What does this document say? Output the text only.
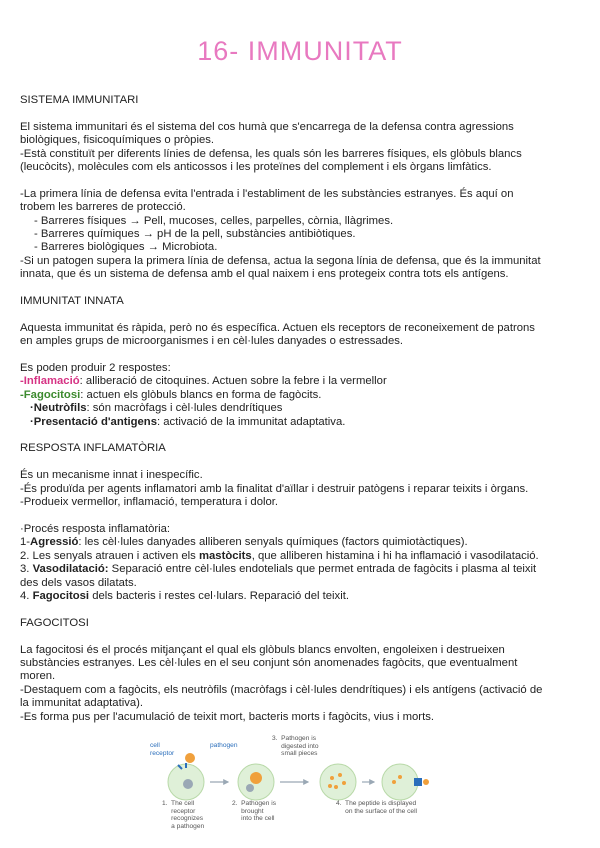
16- IMMUNITAT
SISTEMA IMMUNITARI
El sistema immunitari és el sistema del cos humà que s'encarrega de la defensa contra agressions
biològiques, fisicoquímiques o pròpies.
-Està constituït per diferents línies de defensa, les quals són les barreres físiques, els glòbuls blancs
(leucòcits), molècules com els anticossos i les proteïnes del complement i els òrgans limfàtics.
-La primera línia de defensa evita l'entrada i l'establiment de les substàncies estranyes. És aquí on
trobem les barreres de protecció.
- Barreres físiques → Pell, mucoses, celles, parpelles, còrnia, llàgrimes.
- Barreres químiques → pH de la pell, substàncies antibiòtiques.
- Barreres biològiques → Microbiota.
-Si un patogen supera la primera línia de defensa, actua la segona línia de defensa, que és la immunitat
innata, que és un sistema de defensa amb el qual naixem i ens protegeix contra tots els antígens.
IMMUNITAT INNATA
Aquesta immunitat és ràpida, però no és específica. Actuen els receptors de reconeixement de patrons
en amples grups de microorganismes i en cèl·lules danyades o estressades.
Es poden produir 2 respostes:
-Inflamació: alliberació de citoquines. Actuen sobre la febre i la vermellor
-Fagocitosi: actuen els glòbuls blancs en forma de fagòcits.
·Neutròfils: són macròfags i cèl·lules dendrítiques
·Presentació d'antigens: activació de la immunitat adaptativa.
RESPOSTA INFLAMATÒRIA
És un mecanisme innat i inespecífic.
-És produïda per agents inflamatori amb la finalitat d'aïllar i destruir patògens i reparar teixits i òrgans.
-Produeix vermellor, inflamació, temperatura i dolor.
·Procés resposta inflamatòria:
1-Agressió: les cèl·lules danyades alliberen senyals químiques (factors quimiotàctiques).
2. Les senyals atrauen i activen els mastòcits, que alliberen histamina i hi ha inflamació i vasodilatació.
3. Vasodilatació: Separació entre cèl·lules endotelials que permet entrada de fagòcits i plasma al teixit
des dels vasos dilatats.
4. Fagocitosi dels bacteris i restes cel·lulars. Reparació del teixit.
FAGOCITOSI
La fagocitosi és el procés mitjançant el qual els glòbuls blancs envolten, engoleixen i destrueixen
substàncies estranyes. Les cèl·lules en el seu conjunt són anomenades fagòcits, que eventualment
moren.
-Destaquem com a fagòcits, els neutròfils (macròfags i cèl·lules dendrítiques) i els antígens (activació de
la immunitat adaptativa).
-Es forma pus per l'acumulació de teixit mort, bacteris morts i fagòcits, vius i morts.
cell
receptor
pathogen
1.  The cell
receptor
recognizes
a pathogen
2.  Pathogen is
brought
into the cell
3.  Pathogen is
digested into
small pieces
4.  The peptide is displayed
on the surface of the cell
